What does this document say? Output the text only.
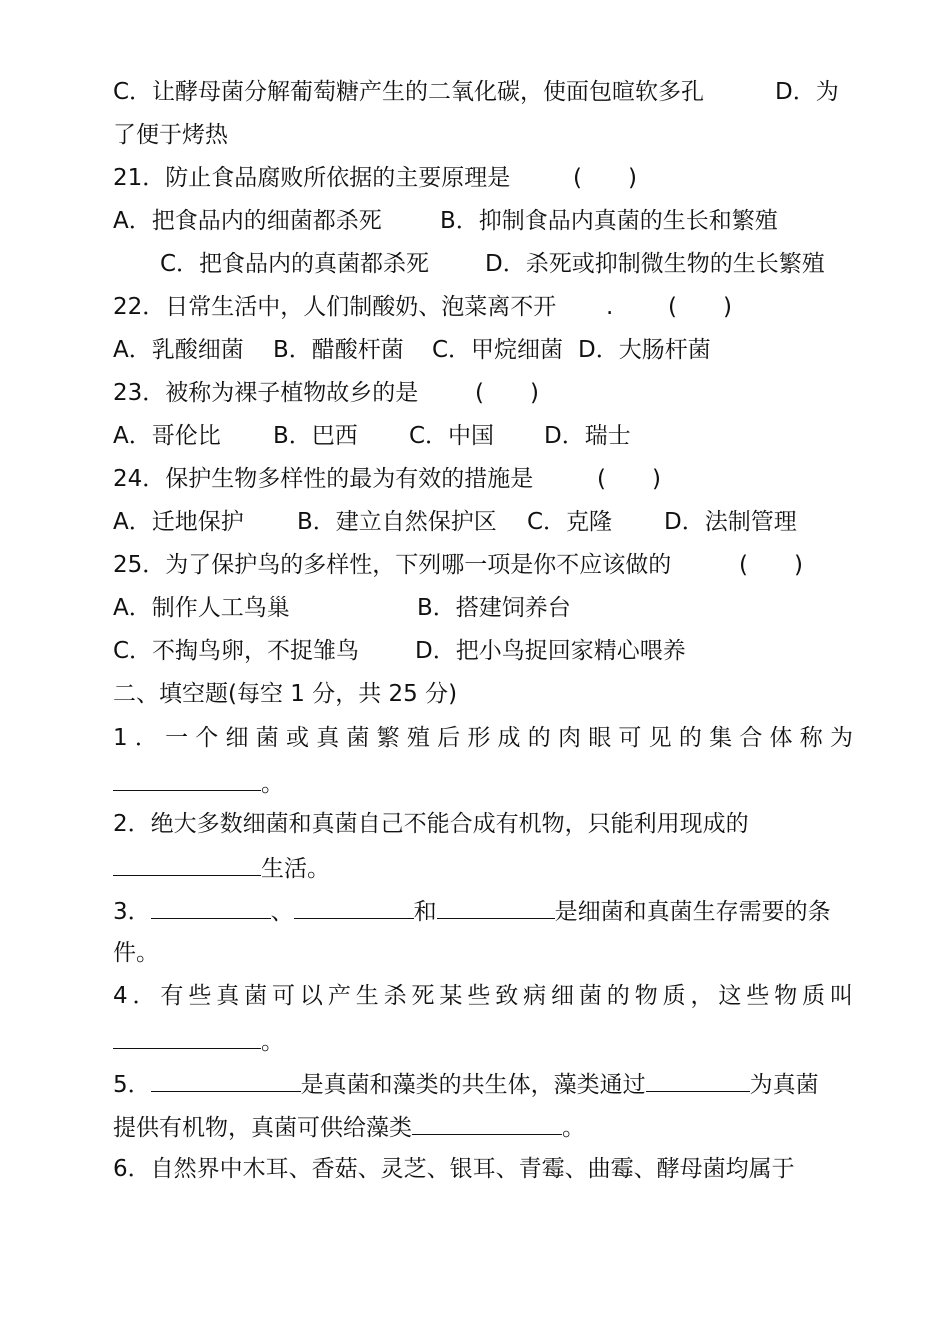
C．让酵母菌分解葡萄糖产生的二氧化碳，使面包暄软多孔	D．为
了便于烤热
21．防止食品腐败所依据的主要原理是	(　　)
A．把食品内的细菌都杀死	B．抑制食品内真菌的生长和繁殖
C．把食品内的真菌都杀死 D．杀死或抑制微生物的生长繁殖
22．日常生活中，人们制酸奶、泡菜离不开 . (　　)
A．乳酸细菌 B．醋酸杆菌 C．甲烷细菌 D．大肠杆菌
23．被称为裸子植物故乡的是 (　　)
A．哥伦比 B．巴西 C．中国 D．瑞士
24．保护生物多样性的最为有效的措施是	(　　)
A．迁地保护 B．建立自然保护区 C．克隆 D．法制管理
25．为了保护鸟的多样性，下列哪一项是你不应该做的	(　　)
A．制作人工鸟巢	B．搭建饲养台
C．不掏鸟卵，不捉雏鸟 D．把小鸟捉回家精心喂养
二、填空题(每空 1 分，共 25 分)
1．一个细菌或真菌繁殖后形成的肉眼可见的集合体称为
。
2．绝大多数细菌和真菌自己不能合成有机物，只能利用现成的
生活。
3．	、	和	是细菌和真菌生存需要的条
件。
4．有些真菌可以产生杀死某些致病细菌的物质，这些物质叫
。
5．	是真菌和藻类的共生体，藻类通过	为真菌
提供有机物，真菌可供给藻类	。
6．自然界中木耳、香菇、灵芝、银耳、青霉、曲霉、酵母菌均属于
